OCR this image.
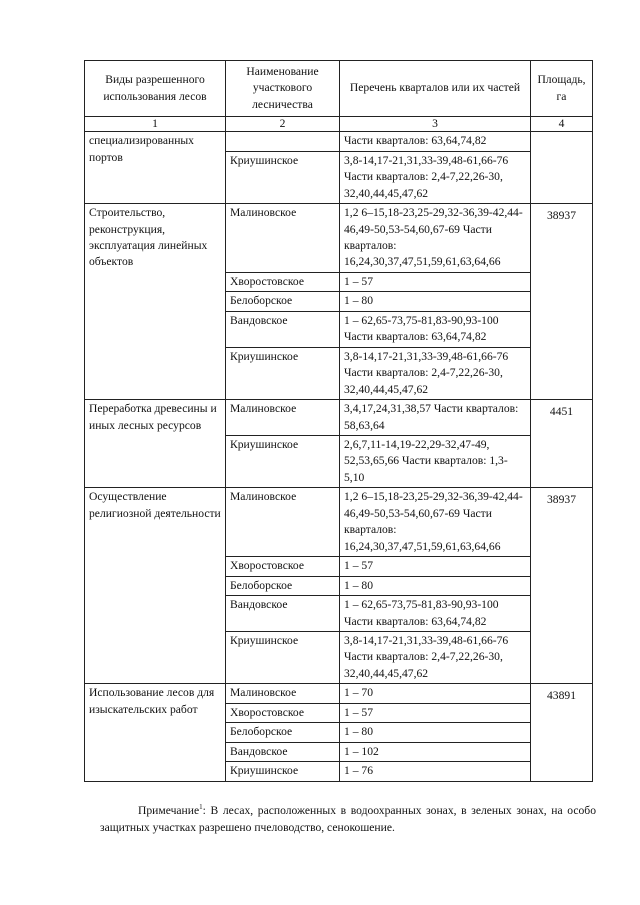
Виды разрешенного использования лесов	Наименование участкового лесничества	Перечень кварталов или их частей	Площадь, га
1	2	3	4
специализированных портов		Части кварталов: 63,64,74,82	
	Криушинское	3,8-14,17-21,31,33-39,48-61,66-76 Части кварталов: 2,4-7,22,26-30, 32,40,44,45,47,62	
Строительство, реконструкция, эксплуатация линейных объектов	Малиновское	1,2 6–15,18-23,25-29,32-36,39-42,44-46,49-50,53-54,60,67-69 Части кварталов: 16,24,30,37,47,51,59,61,63,64,66	38937
	Хворостовское	1 – 57	
	Белоборское	1 – 80	
	Вандовское	1 – 62,65-73,75-81,83-90,93-100 Части кварталов: 63,64,74,82	
	Криушинское	3,8-14,17-21,31,33-39,48-61,66-76 Части кварталов: 2,4-7,22,26-30, 32,40,44,45,47,62	
Переработка древесины и иных лесных ресурсов	Малиновское	3,4,17,24,31,38,57 Части кварталов: 58,63,64	4451
	Криушинское	2,6,7,11-14,19-22,29-32,47-49, 52,53,65,66 Части кварталов: 1,3-5,10	
Осуществление религиозной деятельности	Малиновское	1,2 6–15,18-23,25-29,32-36,39-42,44-46,49-50,53-54,60,67-69 Части кварталов: 16,24,30,37,47,51,59,61,63,64,66	38937
	Хворостовское	1 – 57	
	Белоборское	1 – 80	
	Вандовское	1 – 62,65-73,75-81,83-90,93-100 Части кварталов: 63,64,74,82	
	Криушинское	3,8-14,17-21,31,33-39,48-61,66-76 Части кварталов: 2,4-7,22,26-30, 32,40,44,45,47,62	
Использование лесов для изыскательских работ	Малиновское	1 – 70	43891
	Хворостовское	1 – 57	
	Белоборское	1 – 80	
	Вандовское	1 – 102	
	Криушинское	1 – 76	
Примечание$^1$: В лесах, расположенных в водоохранных зонах, в зеленых зонах, на особо защитных участках разрешено пчеловодство, сенокошение.
